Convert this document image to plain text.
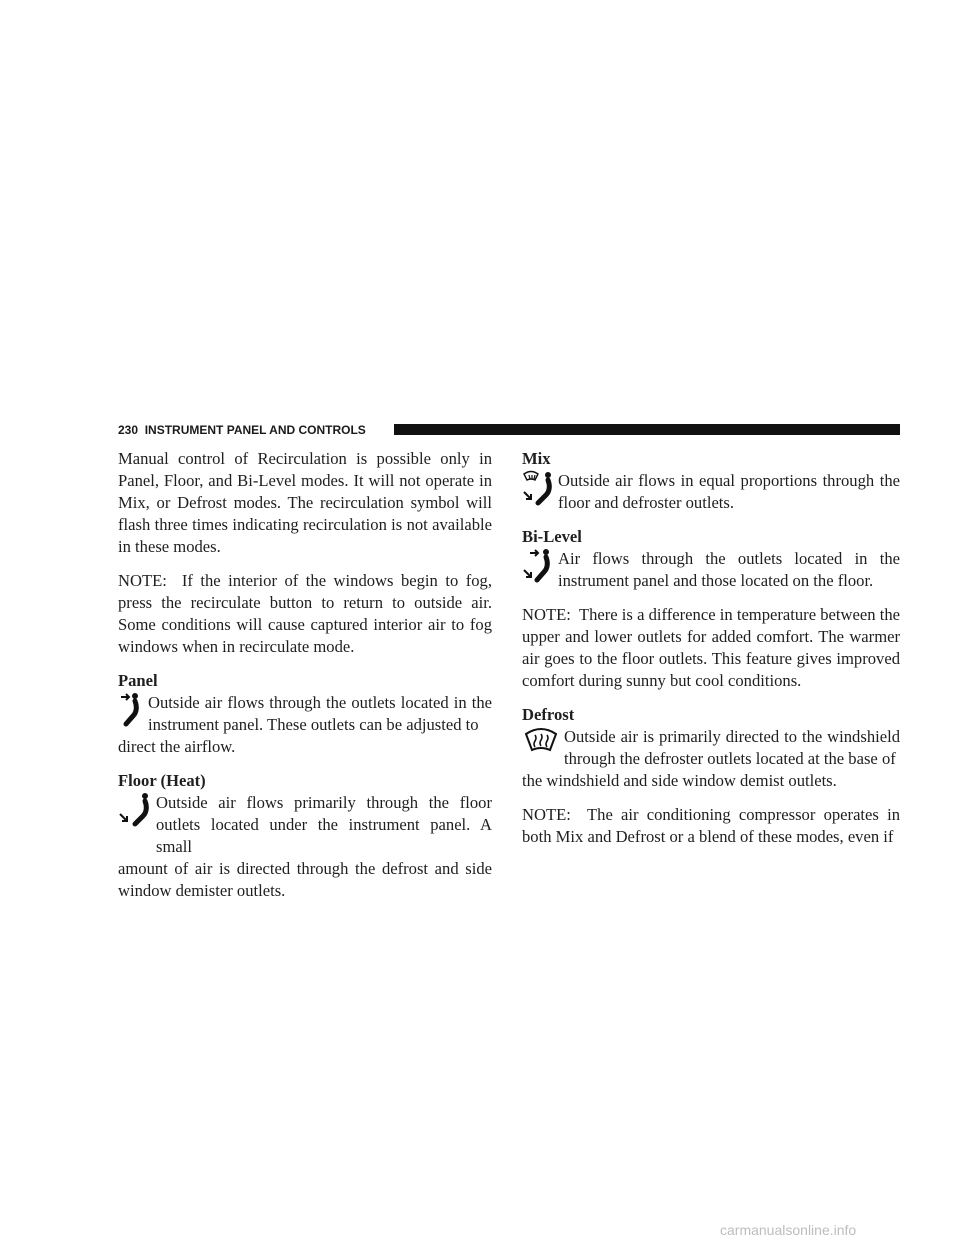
230 INSTRUMENT PANEL AND CONTROLS

Manual control of Recirculation is possible only in Panel, Floor, and Bi-Level modes. It will not operate in Mix, or Defrost modes. The recirculation symbol will flash three times indicating recirculation is not available in these modes.

NOTE: If the interior of the windows begin to fog, press the recirculate button to return to outside air. Some conditions will cause captured interior air to fog windows when in recirculate mode.

Panel

Outside air flows through the outlets located in the instrument panel. These outlets can be adjusted to

direct the airflow.

Floor (Heat)

Outside air flows primarily through the floor outlets located under the instrument panel. A small

amount of air is directed through the defrost and side window demister outlets.

Mix

Outside air flows in equal proportions through the floor and defroster outlets.

Bi-Level

Air flows through the outlets located in the instrument panel and those located on the floor.

NOTE: There is a difference in temperature between the upper and lower outlets for added comfort. The warmer air goes to the floor outlets. This feature gives improved comfort during sunny but cool conditions.

Defrost

Outside air is primarily directed to the windshield through the defroster outlets located at the base of

the windshield and side window demist outlets.

NOTE: The air conditioning compressor operates in both Mix and Defrost or a blend of these modes, even if

carmanualsonline.info
